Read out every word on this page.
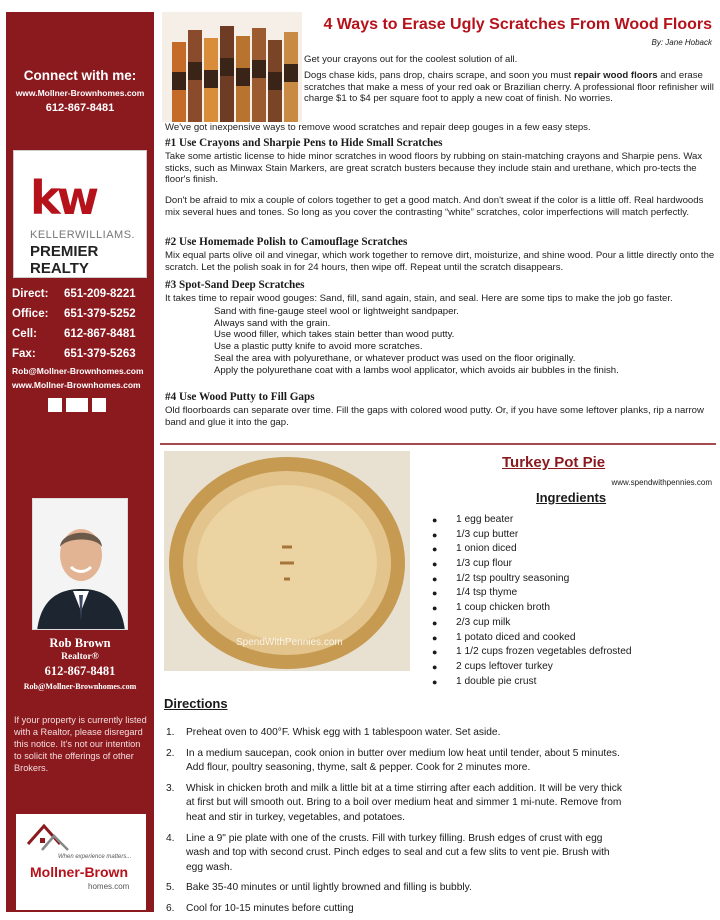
Connect with me:
www.Mollner-Brownhomes.com
612-867-8481
kw
KELLERWILLIAMS.
PREMIER REALTY
Direct:	651-209-8221
Office:	651-379-5252
Cell:	612-867-8481
Fax:	651-379-5263
Rob@Mollner-Brownhomes.com
www.Mollner-Brownhomes.com
Rob Brown
Realtor®
612-867-8481
Rob@Mollner-Brownhomes.com
If your property is currently listed with a Realtor, please disregard this notice. It's not our intention to solicit the offerings of other Brokers.
When experience matters...
Mollner-Brown
homes.com
4 Ways to Erase Ugly Scratches From Wood Floors
By: Jane Hoback
Get your crayons out for the coolest solution of all.
Dogs chase kids, pans drop, chairs scrape, and soon you must repair wood floors and erase scratches that make a mess of your red oak or Brazilian cherry. A professional floor refinisher will charge $1 to $4 per square foot to apply a new coat of finish. No worries.
We've got inexpensive ways to remove wood scratches and repair deep gouges in a few easy steps.
#1 Use Crayons and Sharpie Pens to Hide Small Scratches
Take some artistic license to hide minor scratches in wood floors by rubbing on stain-matching crayons and Sharpie pens. Wax sticks, such as Minwax Stain Markers, are great scratch busters because they include stain and urethane, which pro-tects the floor's finish.
Don't be afraid to mix a couple of colors together to get a good match. And don't sweat if the color is a little off. Real hardwoods mix several hues and tones. So long as you cover the contrasting “white” scratches, color imperfections will match perfectly.
#2 Use Homemade Polish to Camouflage Scratches
Mix equal parts olive oil and vinegar, which work together to remove dirt, moisturize, and shine wood. Pour a little directly onto the scratch. Let the polish soak in for 24 hours, then wipe off. Repeat until the scratch disappears.
#3 Spot-Sand Deep Scratches
It takes time to repair wood gouges: Sand, fill, sand again, stain, and seal. Here are some tips to make the job go faster.
Sand with fine-gauge steel wool or lightweight sandpaper.
Always sand with the grain.
Use wood filler, which takes stain better than wood putty.
Use a plastic putty knife to avoid more scratches.
Seal the area with polyurethane, or whatever product was used on the floor originally.
Apply the polyurethane coat with a lambs wool applicator, which avoids air bubbles in the finish.
#4 Use Wood Putty to Fill Gaps
Old floorboards can separate over time. Fill the gaps with colored wood putty. Or, if you have some leftover planks, rip a narrow band and glue it into the gap.
SpendWithPennies.com
Turkey Pot Pie
www.spendwithpennies.com
Ingredients
●	1 egg beater
●	1/3 cup butter
●	1 onion diced
●	1/3 cup flour
●	1/2 tsp poultry seasoning
●	1/4 tsp thyme
●	1 coup chicken broth
●	2/3 cup milk
●	1 potato diced and cooked
●	1 1/2 cups frozen vegetables defrosted
●	2 cups leftover turkey
●	1 double pie crust
Directions
1.	Preheat oven to 400°F. Whisk egg with 1 tablespoon water. Set aside.
2.	In a medium saucepan, cook onion in butter over medium low heat until tender, about 5 minutes. Add flour, poultry seasoning, thyme, salt & pepper. Cook for 2 minutes more.
3.	Whisk in chicken broth and milk a little bit at a time stirring after each addition. It will be very thick at first but will smooth out. Bring to a boil over medium heat and simmer 1 mi-nute. Remove from heat and stir in turkey, vegetables, and potatoes.
4.	Line a 9" pie plate with one of the crusts. Fill with turkey filling. Brush edges of crust with egg wash and top with second crust. Pinch edges to seal and cut a few slits to vent pie. Brush with egg wash.
5.	Bake 35-40 minutes or until lightly browned and filling is bubbly.
6.	Cool for 10-15 minutes before cutting
